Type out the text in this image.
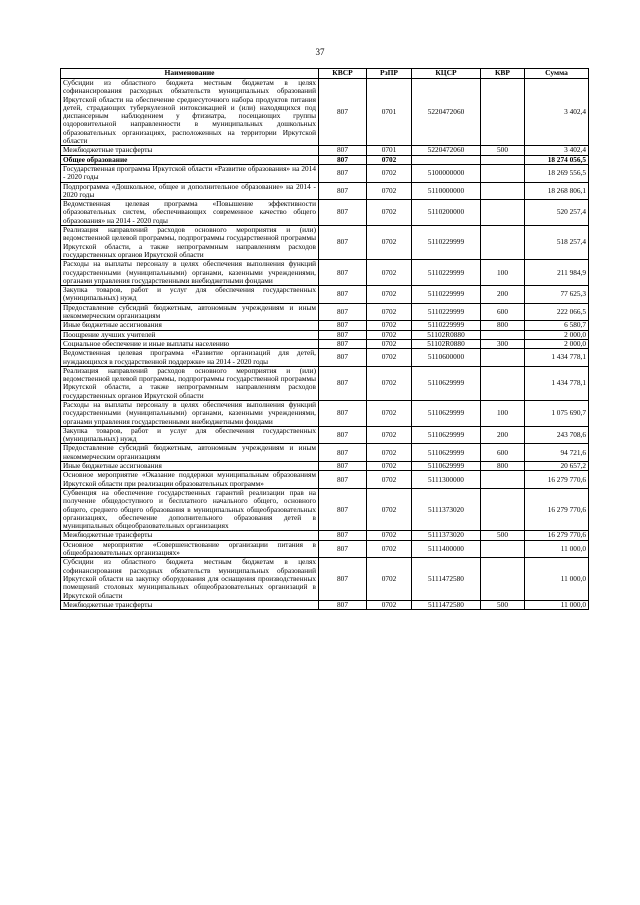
37
Наименование	КВСР	РзПР	КЦСР	КВР	Сумма
Субсидии из областного бюджета местным бюджетам в целях софинансирования расходных обязательств муниципальных образований Иркутской области на обеспечение среднесуточного набора продуктов питания детей, страдающих туберкулезной интоксикацией и (или) находящихся под диспансерным наблюдением у фтизиатра, посещающих группы оздоровительной направленности в муниципальных дошкольных образовательных организациях, расположенных на территории Иркутской области	807	0701	5220472060		3 402,4
Межбюджетные трансферты	807	0701	5220472060	500	3 402,4
Общее образование	807	0702			18 274 056,5
Государственная программа Иркутской области «Развитие образования» на 2014 - 2020 годы	807	0702	5100000000		18 269 556,5
Подпрограмма «Дошкольное, общее и дополнительное образование» на 2014 - 2020 годы	807	0702	5110000000		18 268 806,1
Ведомственная целевая программа «Повышение эффективности образовательных систем, обеспечивающих современное качество общего образования» на 2014 - 2020 годы	807	0702	5110200000		520 257,4
Реализация направлений расходов основного мероприятия и (или) ведомственной целевой программы, подпрограммы государственной программы Иркутской области, а также непрограммным направлениям расходов государственных органов Иркутской области	807	0702	5110229999		518 257,4
Расходы на выплаты персоналу в целях обеспечения выполнения функций государственными (муниципальными) органами, казенными учреждениями, органами управления государственными внебюджетными фондами	807	0702	5110229999	100	211 984,9
Закупка товаров, работ и услуг для обеспечения государственных (муниципальных) нужд	807	0702	5110229999	200	77 625,3
Предоставление субсидий бюджетным, автономным учреждениям и иным некоммерческим организациям	807	0702	5110229999	600	222 066,5
Иные бюджетные ассигнования	807	0702	5110229999	800	6 580,7
Поощрение лучших учителей	807	0702	51102R0880		2 000,0
Социальное обеспечение и иные выплаты населению	807	0702	51102R0880	300	2 000,0
Ведомственная целевая программа «Развитие организаций для детей, нуждающихся в государственной поддержке» на 2014 - 2020 годы	807	0702	5110600000		1 434 778,1
Реализация направлений расходов основного мероприятия и (или) ведомственной целевой программы, подпрограммы государственной программы Иркутской области, а также непрограммным направлениям расходов государственных органов Иркутской области	807	0702	5110629999		1 434 778,1
Расходы на выплаты персоналу в целях обеспечения выполнения функций государственными (муниципальными) органами, казенными учреждениями, органами управления государственными внебюджетными фондами	807	0702	5110629999	100	1 075 690,7
Закупка товаров, работ и услуг для обеспечения государственных (муниципальных) нужд	807	0702	5110629999	200	243 708,6
Предоставление субсидий бюджетным, автономным учреждениям и иным некоммерческим организациям	807	0702	5110629999	600	94 721,6
Иные бюджетные ассигнования	807	0702	5110629999	800	20 657,2
Основное мероприятие «Оказание поддержки муниципальным образованиям Иркутской области при реализации образовательных программ»	807	0702	5111300000		16 279 770,6
Субвенция на обеспечение государственных гарантий реализации прав на получение общедоступного и бесплатного начального общего, основного общего, среднего общего образования в муниципальных общеобразовательных организациях, обеспечение дополнительного образования детей в муниципальных общеобразовательных организациях	807	0702	5111373020		16 279 770,6
Межбюджетные трансферты	807	0702	5111373020	500	16 279 770,6
Основное мероприятие «Совершенствование организации питания в общеобразовательных организациях»	807	0702	5111400000		11 000,0
Субсидии из областного бюджета местным бюджетам в целях софинансирования расходных обязательств муниципальных образований Иркутской области на закупку оборудования для оснащения производственных помещений столовых муниципальных общеобразовательных организаций в Иркутской области	807	0702	5111472580		11 000,0
Межбюджетные трансферты	807	0702	5111472580	500	11 000,0
